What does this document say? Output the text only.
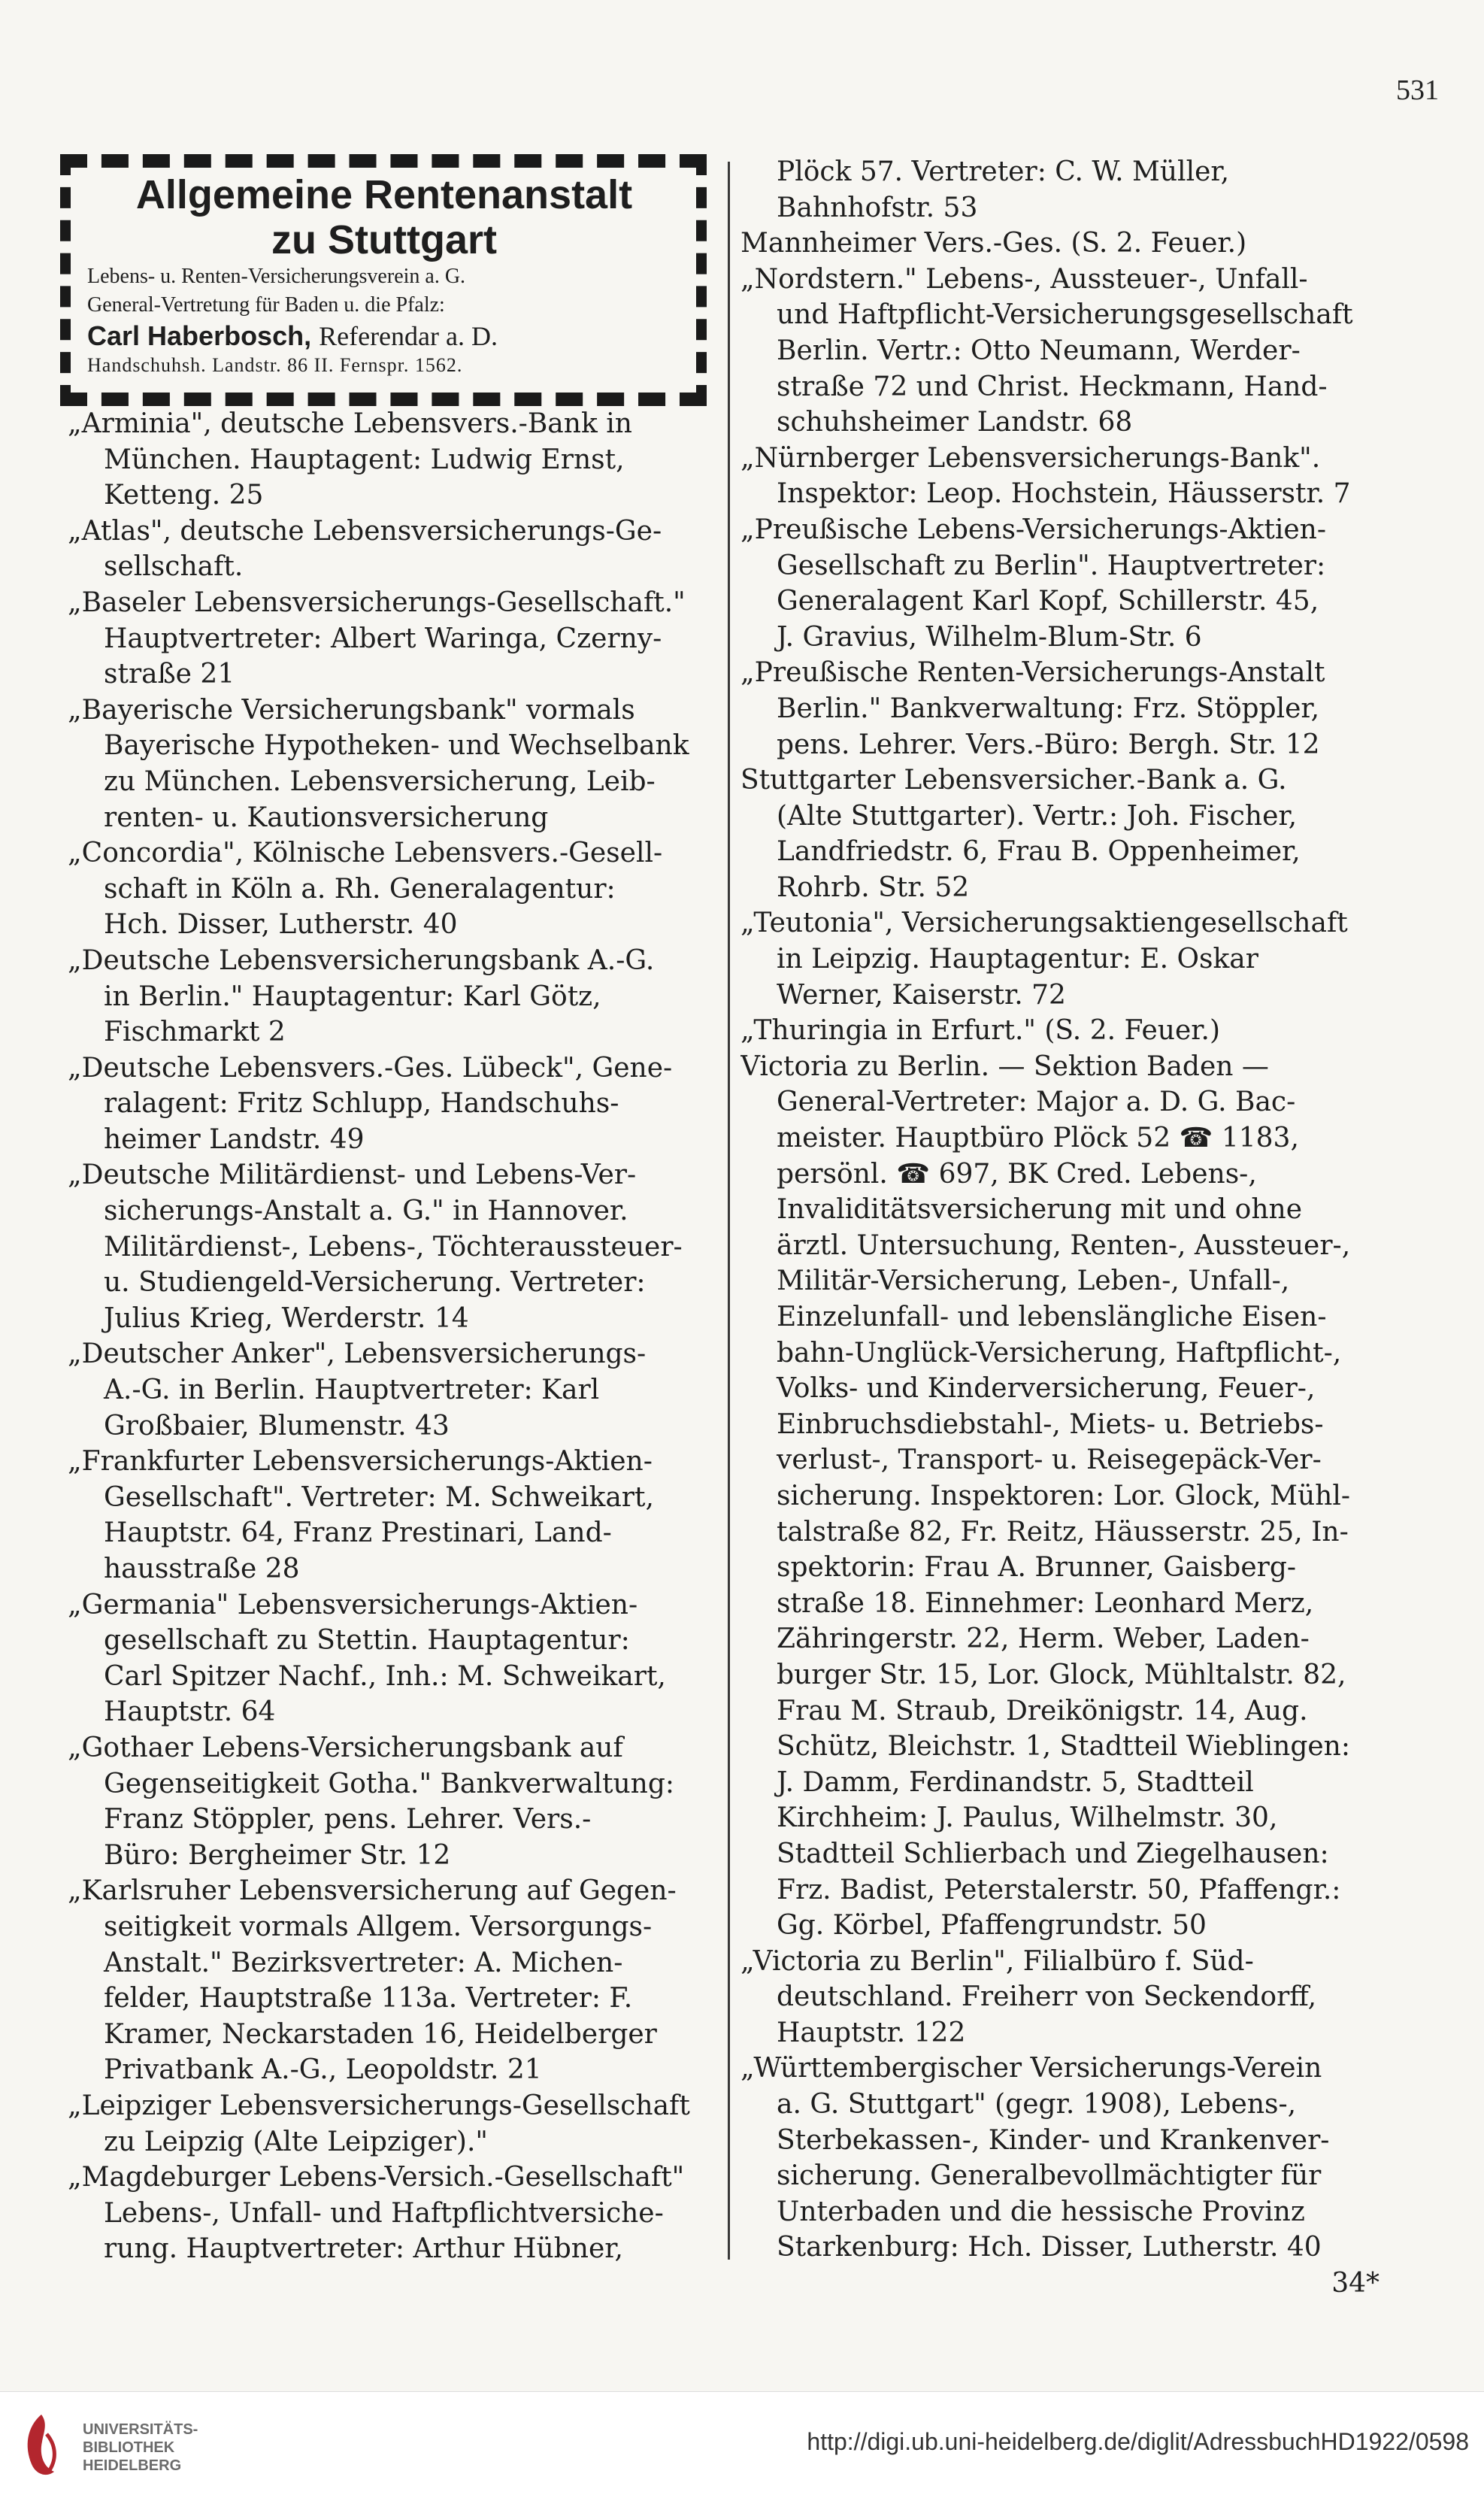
531
Allgemeine Rentenanstalt
zu Stuttgart
Lebens- u. Renten-Versicherungsverein a. G.
General-Vertretung für Baden u. die Pfalz:
Carl Haberbosch, Referendar a. D.
Handschuhsh. Landstr. 86 II. Fernspr. 1562.
„Arminia", deutsche Lebensvers.-Bank in
München. Hauptagent: Ludwig Ernst,
Ketteng. 25
„Atlas", deutsche Lebensversicherungs-Ge-
sellschaft.
„Baseler Lebensversicherungs-Gesellschaft."
Hauptvertreter: Albert Waringa, Czerny-
straße 21
„Bayerische Versicherungsbank" vormals
Bayerische Hypotheken- und Wechselbank
zu München. Lebensversicherung, Leib-
renten- u. Kautionsversicherung
„Concordia", Kölnische Lebensvers.-Gesell-
schaft in Köln a. Rh. Generalagentur:
Hch. Disser, Lutherstr. 40
„Deutsche Lebensversicherungsbank A.-G.
in Berlin." Hauptagentur: Karl Götz,
Fischmarkt 2
„Deutsche Lebensvers.-Ges. Lübeck", Gene-
ralagent: Fritz Schlupp, Handschuhs-
heimer Landstr. 49
„Deutsche Militärdienst- und Lebens-Ver-
sicherungs-Anstalt a. G." in Hannover.
Militärdienst-, Lebens-, Töchteraussteuer-
u. Studiengeld-Versicherung. Vertreter:
Julius Krieg, Werderstr. 14
„Deutscher Anker", Lebensversicherungs-
A.-G. in Berlin. Hauptvertreter: Karl
Großbaier, Blumenstr. 43
„Frankfurter Lebensversicherungs-Aktien-
Gesellschaft". Vertreter: M. Schweikart,
Hauptstr. 64, Franz Prestinari, Land-
hausstraße 28
„Germania" Lebensversicherungs-Aktien-
gesellschaft zu Stettin. Hauptagentur:
Carl Spitzer Nachf., Inh.: M. Schweikart,
Hauptstr. 64
„Gothaer Lebens-Versicherungsbank auf
Gegenseitigkeit Gotha." Bankverwaltung:
Franz Stöppler, pens. Lehrer. Vers.-
Büro: Bergheimer Str. 12
„Karlsruher Lebensversicherung auf Gegen-
seitigkeit vormals Allgem. Versorgungs-
Anstalt." Bezirksvertreter: A. Michen-
felder, Hauptstraße 113a. Vertreter: F.
Kramer, Neckarstaden 16, Heidelberger
Privatbank A.-G., Leopoldstr. 21
„Leipziger Lebensversicherungs-Gesellschaft
zu Leipzig (Alte Leipziger)."
„Magdeburger Lebens-Versich.-Gesellschaft"
Lebens-, Unfall- und Haftpflichtversiche-
rung. Hauptvertreter: Arthur Hübner,
Plöck 57. Vertreter: C. W. Müller,
Bahnhofstr. 53
Mannheimer Vers.-Ges. (S. 2. Feuer.)
„Nordstern." Lebens-, Aussteuer-, Unfall-
und Haftpflicht-Versicherungsgesellschaft
Berlin. Vertr.: Otto Neumann, Werder-
straße 72 und Christ. Heckmann, Hand-
schuhsheimer Landstr. 68
„Nürnberger Lebensversicherungs-Bank".
Inspektor: Leop. Hochstein, Häusserstr. 7
„Preußische Lebens-Versicherungs-Aktien-
Gesellschaft zu Berlin". Hauptvertreter:
Generalagent Karl Kopf, Schillerstr. 45,
J. Gravius, Wilhelm-Blum-Str. 6
„Preußische Renten-Versicherungs-Anstalt
Berlin." Bankverwaltung: Frz. Stöppler,
pens. Lehrer. Vers.-Büro: Bergh. Str. 12
Stuttgarter Lebensversicher.-Bank a. G.
(Alte Stuttgarter). Vertr.: Joh. Fischer,
Landfriedstr. 6, Frau B. Oppenheimer,
Rohrb. Str. 52
„Teutonia", Versicherungsaktiengesellschaft
in Leipzig. Hauptagentur: E. Oskar
Werner, Kaiserstr. 72
„Thuringia in Erfurt." (S. 2. Feuer.)
Victoria zu Berlin. — Sektion Baden —
General-Vertreter: Major a. D. G. Bac-
meister. Hauptbüro Plöck 52 ☎ 1183,
persönl. ☎ 697, BK Cred. Lebens-,
Invaliditätsversicherung mit und ohne
ärztl. Untersuchung, Renten-, Aussteuer-,
Militär-Versicherung, Leben-, Unfall-,
Einzelunfall- und lebenslängliche Eisen-
bahn-Unglück-Versicherung, Haftpflicht-,
Volks- und Kinderversicherung, Feuer-,
Einbruchsdiebstahl-, Miets- u. Betriebs-
verlust-, Transport- u. Reisegepäck-Ver-
sicherung. Inspektoren: Lor. Glock, Mühl-
talstraße 82, Fr. Reitz, Häusserstr. 25, In-
spektorin: Frau A. Brunner, Gaisberg-
straße 18. Einnehmer: Leonhard Merz,
Zähringerstr. 22, Herm. Weber, Laden-
burger Str. 15, Lor. Glock, Mühltalstr. 82,
Frau M. Straub, Dreikönigstr. 14, Aug.
Schütz, Bleichstr. 1, Stadtteil Wieblingen:
J. Damm, Ferdinandstr. 5, Stadtteil
Kirchheim: J. Paulus, Wilhelmstr. 30,
Stadtteil Schlierbach und Ziegelhausen:
Frz. Badist, Peterstalerstr. 50, Pfaffengr.:
Gg. Körbel, Pfaffengrundstr. 50
„Victoria zu Berlin", Filialbüro f. Süd-
deutschland. Freiherr von Seckendorff,
Hauptstr. 122
„Württembergischer Versicherungs-Verein
a. G. Stuttgart" (gegr. 1908), Lebens-,
Sterbekassen-, Kinder- und Krankenver-
sicherung. Generalbevollmächtigter für
Unterbaden und die hessische Provinz
Starkenburg: Hch. Disser, Lutherstr. 40
34*
UNIVERSITÄTS-
BIBLIOTHEK
HEIDELBERG
http://digi.ub.uni-heidelberg.de/diglit/AdressbuchHD1922/0598
